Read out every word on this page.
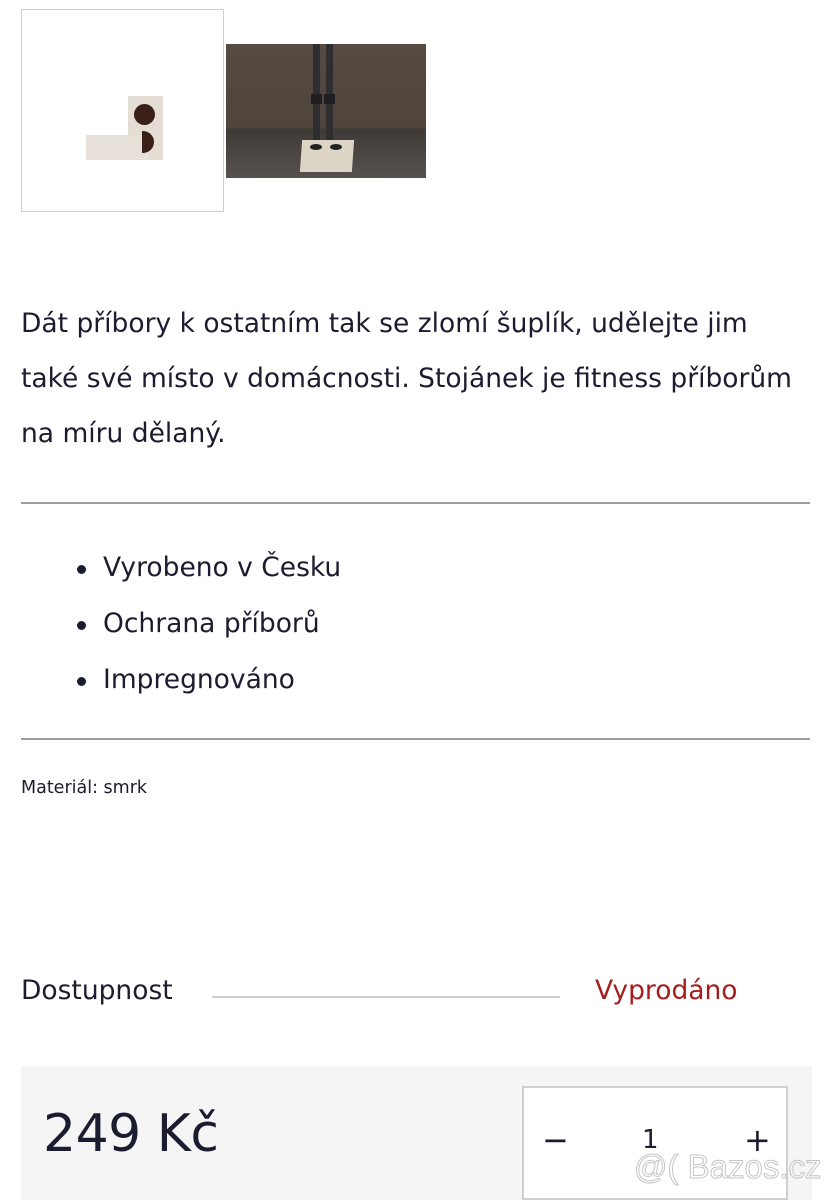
Dát příbory k ostatním tak se zlomí šuplík, udělejte jim také své místo v domácnosti. Stojánek je fitness příborům na míru dělaný.

Vyrobeno v Česku
Ochrana příborů
Impregnováno
Materiál: smrk
Dostupnost	Vyprodáno
249 Kč	−	1	+
@( Bazos.cz
